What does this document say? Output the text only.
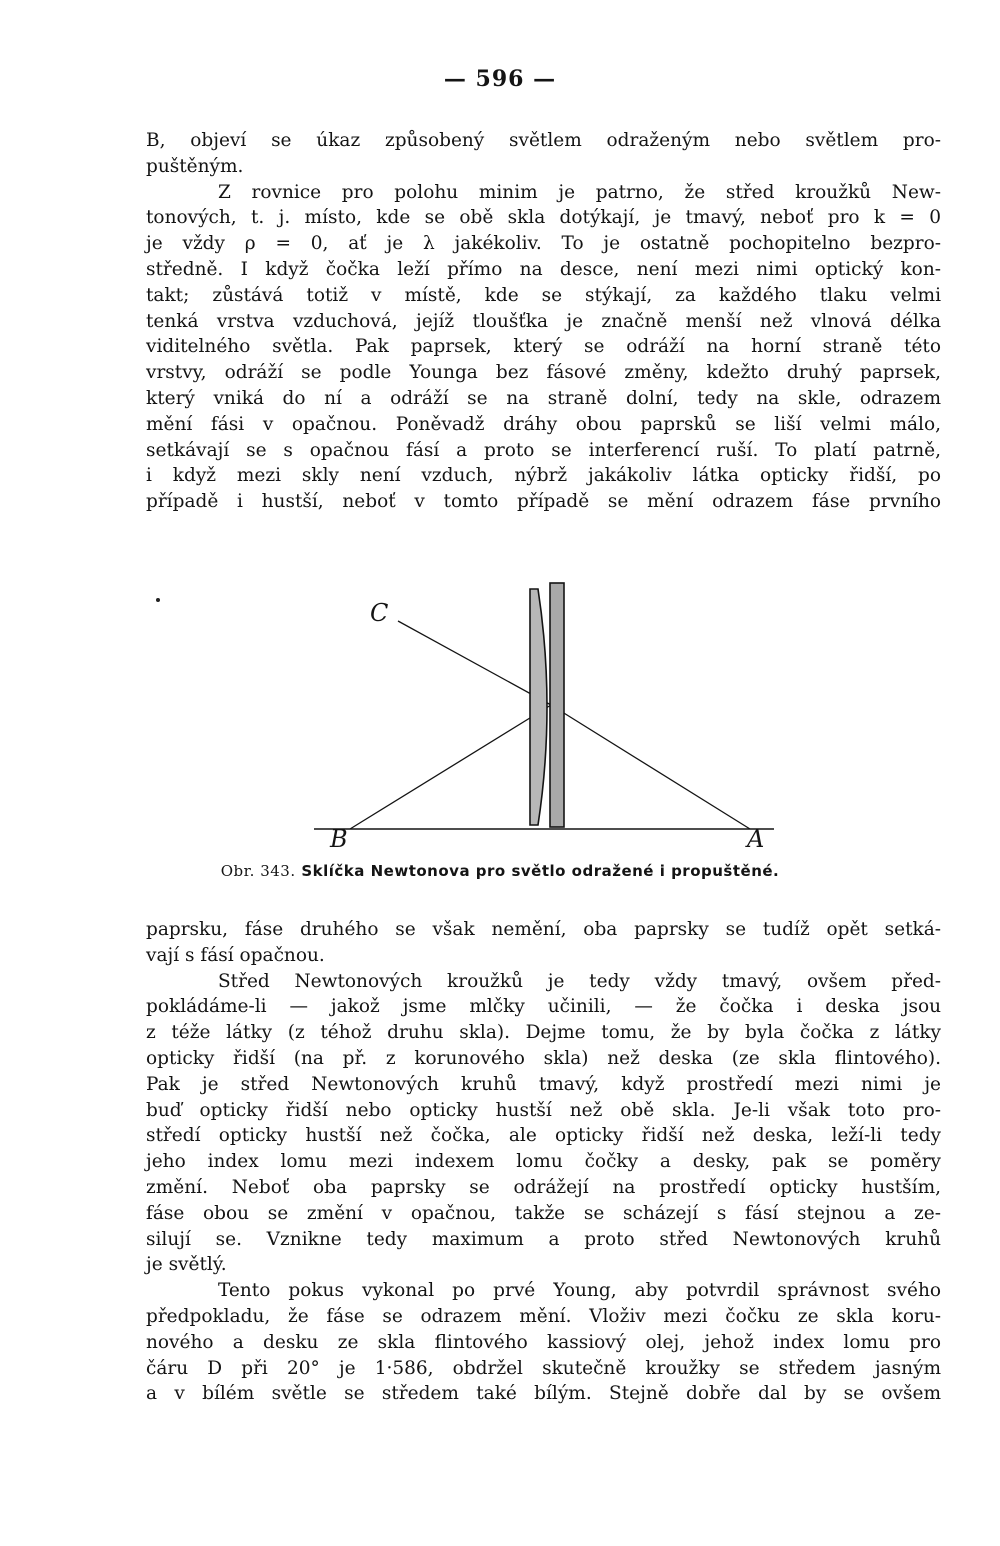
— 596 —

B, objeví se úkaz způsobený světlem odraženým nebo světlem pro-

puštěným.

Z rovnice pro polohu minim je patrno, že střed kroužků New-

tonových, t. j. místo, kde se obě skla dotýkají, je tmavý, neboť pro k = 0

je vždy ρ = 0, ať je λ jakékoliv. To je ostatně pochopitelno bezpro-

středně. I když čočka leží přímo na desce, není mezi nimi optický kon-

takt; zůstává totiž v místě, kde se stýkají, za každého tlaku velmi

tenká vrstva vzduchová, jejíž tloušťka je značně menší než vlnová délka

viditelného světla. Pak paprsek, který se odráží na horní straně této

vrstvy, odráží se podle Younga bez fásové změny, kdežto druhý paprsek,

který vniká do ní a odráží se na straně dolní, tedy na skle, odrazem

mění fási v opačnou. Poněvadž dráhy obou paprsků se liší velmi málo,

setkávají se s opačnou fásí a proto se interferencí ruší. To platí patrně,

i když mezi skly není vzduch, nýbrž jakákoliv látka opticky řidší, po

případě i hustší, neboť v tomto případě se mění odrazem fáse prvního

C
B	A
Obr. 343. Sklíčka Newtonova pro světlo odražené i propuštěné.

paprsku, fáse druhého se však nemění, oba paprsky se tudíž opět setká-

vají s fásí opačnou.

Střed Newtonových kroužků je tedy vždy tmavý, ovšem před-

pokládáme-li — jakož jsme mlčky učinili, — že čočka i deska jsou

z téže látky (z téhož druhu skla). Dejme tomu, že by byla čočka z látky

opticky řidší (na př. z korunového skla) než deska (ze skla flintového).

Pak je střed Newtonových kruhů tmavý, když prostředí mezi nimi je

buď opticky řidší nebo opticky hustší než obě skla. Je-li však toto pro-

středí opticky hustší než čočka, ale opticky řidší než deska, leží-li tedy

jeho index lomu mezi indexem lomu čočky a desky, pak se poměry

změní. Neboť oba paprsky se odrážejí na prostředí opticky hustším,

fáse obou se změní v opačnou, takže se scházejí s fásí stejnou a ze-

silují se. Vznikne tedy maximum a proto střed Newtonových kruhů

je světlý.

Tento pokus vykonal po prvé Young, aby potvrdil správnost svého

předpokladu, že fáse se odrazem mění. Vloživ mezi čočku ze skla koru-

nového a desku ze skla flintového kassiový olej, jehož index lomu pro

čáru D při 20° je 1·586, obdržel skutečně kroužky se středem jasným

a v bílém světle se středem také bílým. Stejně dobře dal by se ovšem
